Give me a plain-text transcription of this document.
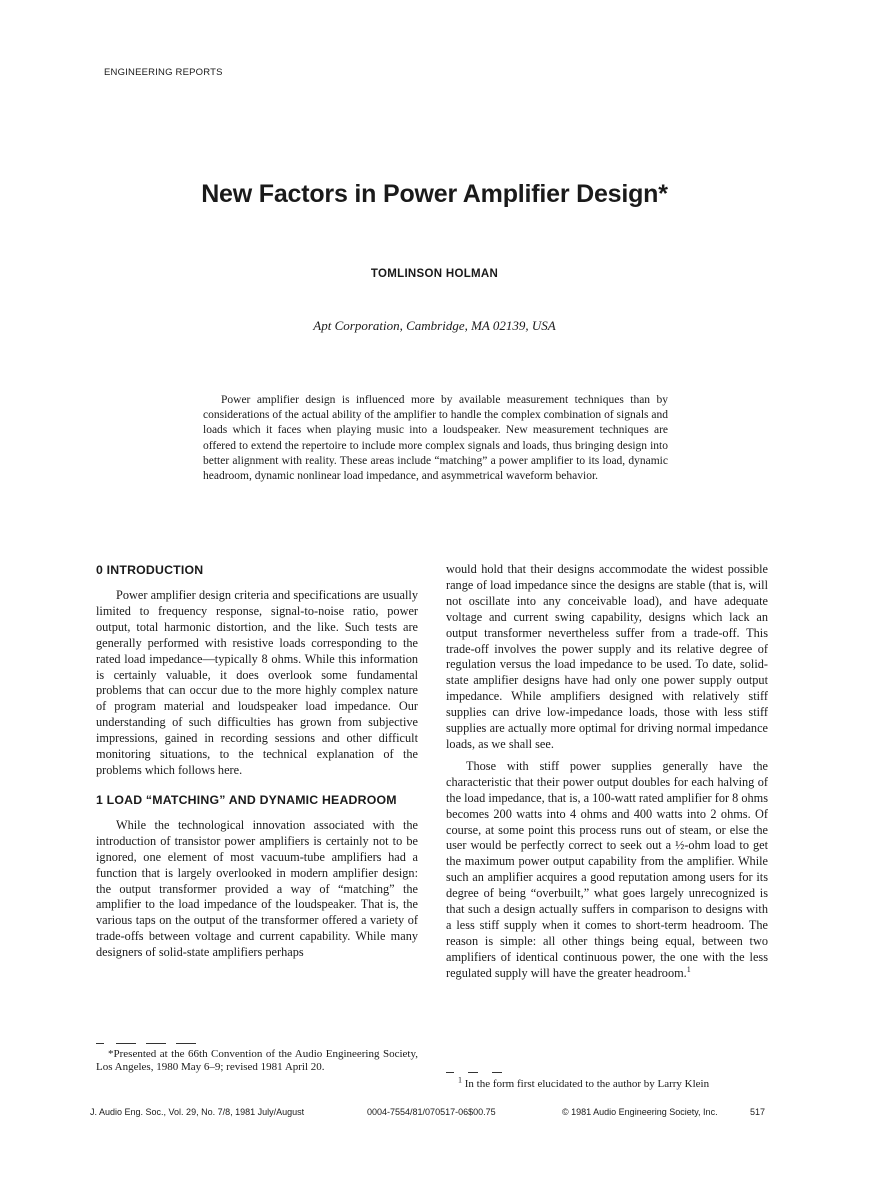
ENGINEERING REPORTS
New Factors in Power Amplifier Design*
TOMLINSON HOLMAN
Apt Corporation, Cambridge, MA 02139, USA
Power amplifier design is influenced more by available measurement techniques than by considerations of the actual ability of the amplifier to handle the complex combination of signals and loads which it faces when playing music into a loudspeaker. New measurement techniques are offered to extend the repertoire to include more complex signals and loads, thus bringing design into better alignment with reality. These areas include “matching” a power amplifier to its load, dynamic headroom, dynamic nonlinear load impedance, and asymmetrical waveform behavior.
0 INTRODUCTION

Power amplifier design criteria and specifications are usually limited to frequency response, signal-to-noise ratio, power output, total harmonic distortion, and the like. Such tests are generally performed with resistive loads corresponding to the rated load impedance—typically 8 ohms. While this information is certainly valuable, it does overlook some fundamental problems that can occur due to the more highly complex nature of program material and loudspeaker load impedance. Our understanding of such difficulties has grown from subjective impressions, gained in recording sessions and other difficult monitoring situations, to the technical explanation of the problems which follows here.

1 LOAD “MATCHING” AND DYNAMIC HEADROOM

While the technological innovation associated with the introduction of transistor power amplifiers is certainly not to be ignored, one element of most vacuum-tube amplifiers had a function that is largely overlooked in modern amplifier design: the output transformer provided a way of “matching” the amplifier to the load impedance of the loudspeaker. That is, the various taps on the output of the transformer offered a variety of trade-offs between voltage and current capability. While many designers of solid-state amplifiers perhaps

would hold that their designs accommodate the widest possible range of load impedance since the designs are stable (that is, will not oscillate into any conceivable load), and have adequate voltage and current swing capability, designs which lack an output transformer nevertheless suffer from a trade-off. This trade-off involves the power supply and its relative degree of regulation versus the load impedance to be used. To date, solid-state amplifier designs have had only one power supply output impedance. While amplifiers designed with relatively stiff supplies can drive low-impedance loads, those with less stiff supplies are actually more optimal for driving normal impedance loads, as we shall see.

Those with stiff power supplies generally have the characteristic that their power output doubles for each halving of the load impedance, that is, a 100-watt rated amplifier for 8 ohms becomes 200 watts into 4 ohms and 400 watts into 2 ohms. Of course, at some point this process runs out of steam, or else the user would be perfectly correct to seek out a ½-ohm load to get the maximum power output capability from the amplifier. While such an amplifier acquires a good reputation among users for its degree of being “overbuilt,” what goes largely unrecognized is that such a design actually suffers in comparison to designs with a less stiff supply when it comes to short-term headroom. The reason is simple: all other things being equal, between two amplifiers of identical continuous power, the one with the less regulated supply will have the greater headroom.$^1$

*Presented at the 66th Convention of the Audio Engineering Society, Los Angeles, 1980 May 6–9; revised 1981 April 20.
$^1$ In the form first elucidated to the author by Larry Klein
J. Audio Eng. Soc., Vol. 29, No. 7/8, 1981 July/August	0004-7554/81/070517-06$00.75	© 1981 Audio Engineering Society, Inc.	517
